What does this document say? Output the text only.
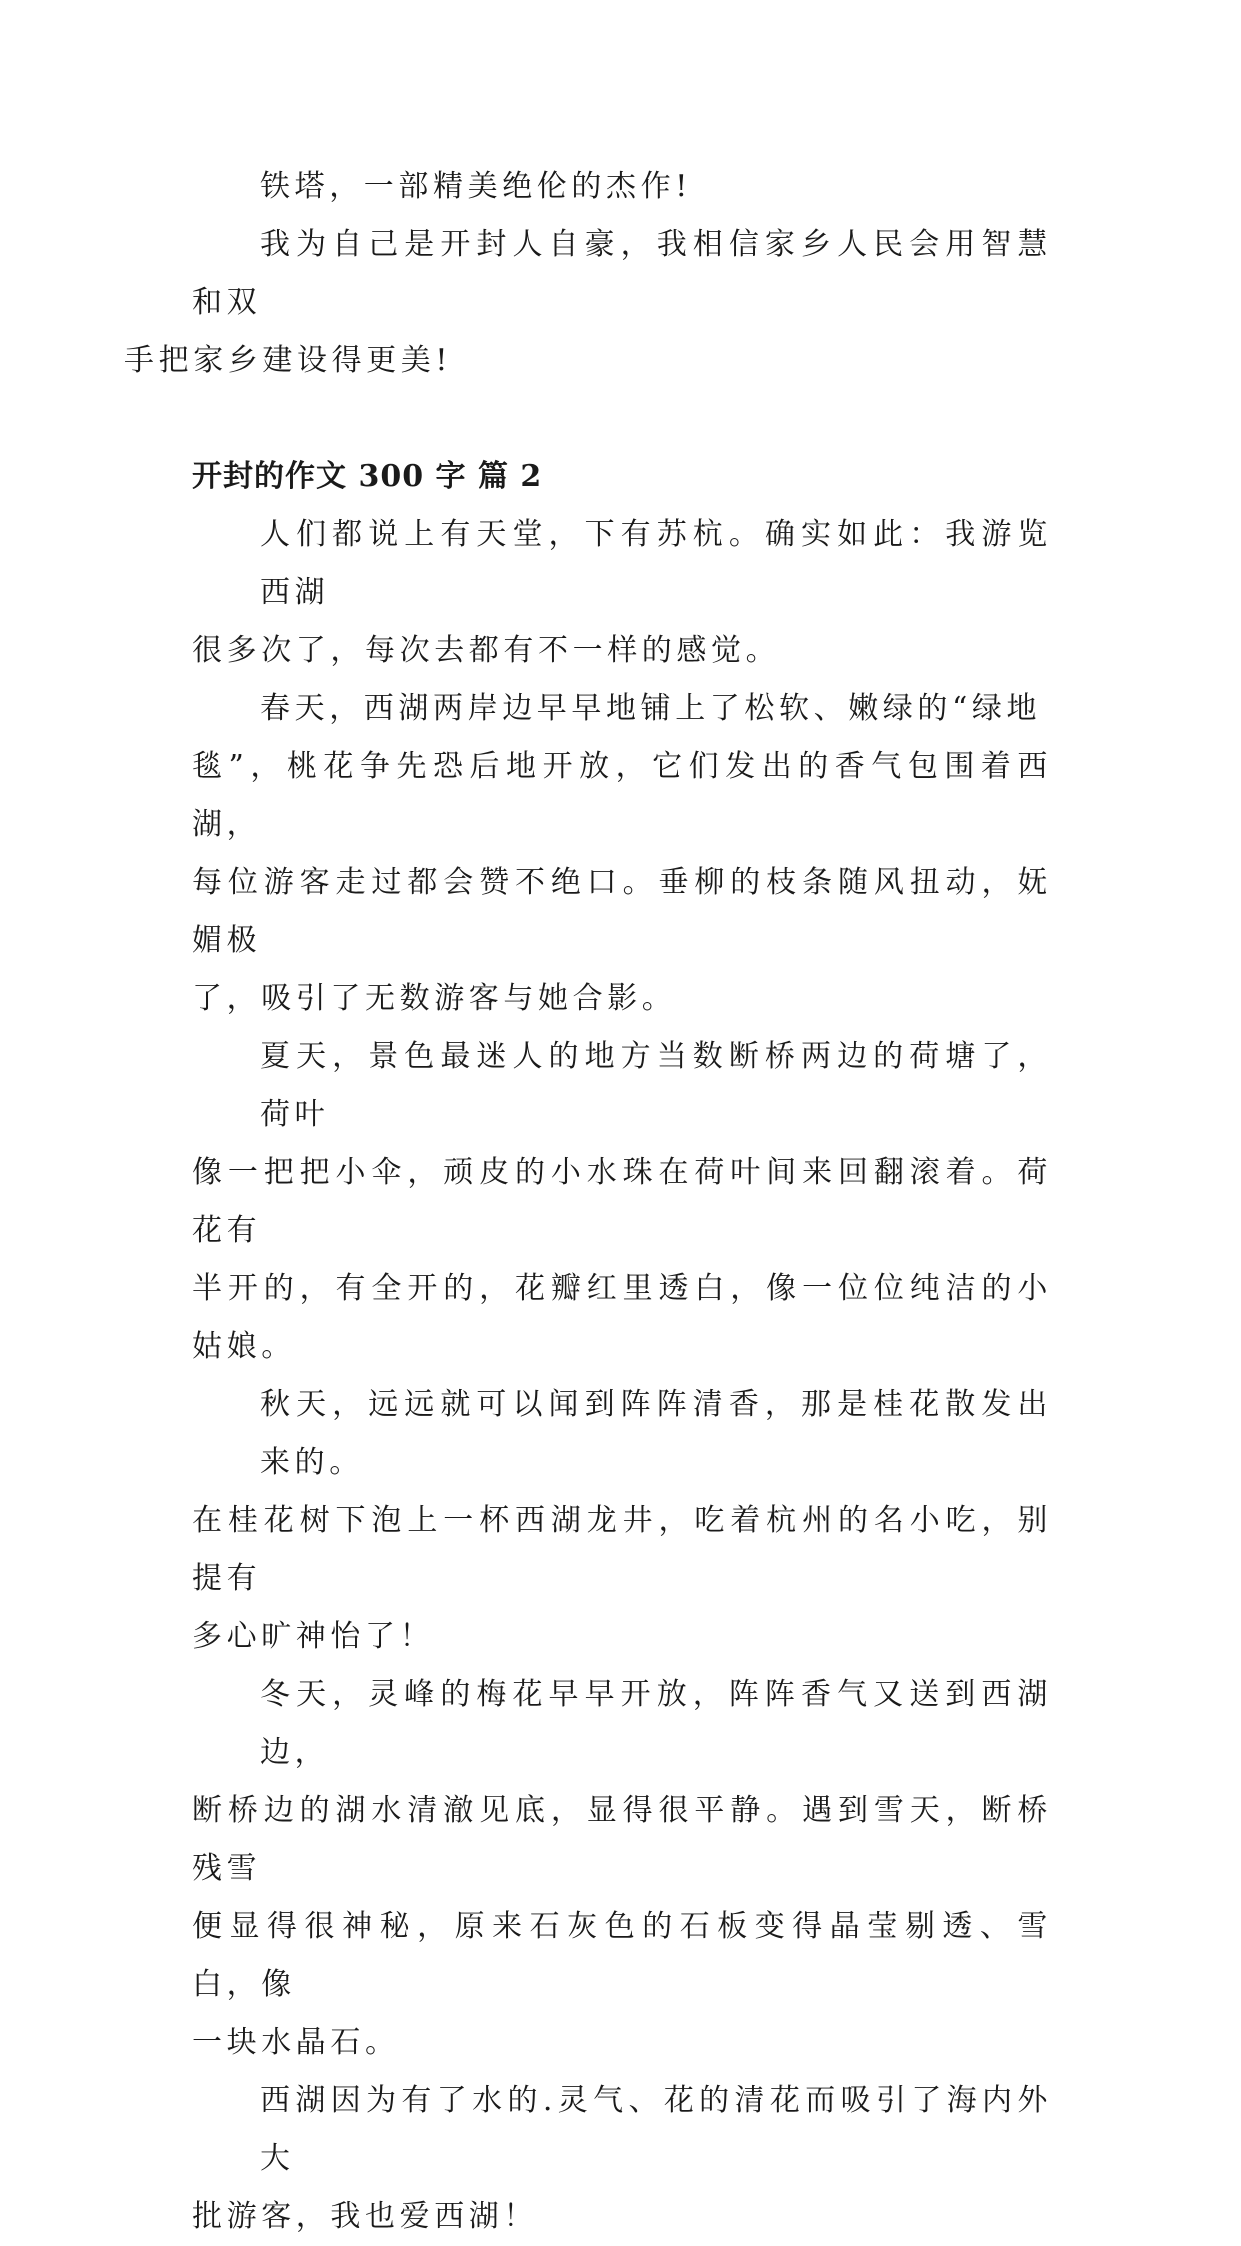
铁塔，一部精美绝伦的杰作!

我为自己是开封人自豪，我相信家乡人民会用智慧和双
手把家乡建设得更美!

开封的作文 300 字 篇 2

人们都说上有天堂，下有苏杭。确实如此：我游览西湖
很多次了，每次去都有不一样的感觉。

春天，西湖两岸边早早地铺上了松软、嫩绿的“绿地
毯”，桃花争先恐后地开放，它们发出的香气包围着西湖，
每位游客走过都会赞不绝口。垂柳的枝条随风扭动，妩媚极
了，吸引了无数游客与她合影。

夏天，景色最迷人的地方当数断桥两边的荷塘了，荷叶
像一把把小伞，顽皮的小水珠在荷叶间来回翻滚着。荷花有
半开的，有全开的，花瓣红里透白，像一位位纯洁的小姑娘。

秋天，远远就可以闻到阵阵清香，那是桂花散发出来的。
在桂花树下泡上一杯西湖龙井，吃着杭州的名小吃，别提有
多心旷神怡了！

冬天，灵峰的梅花早早开放，阵阵香气又送到西湖边，
断桥边的湖水清澈见底，显得很平静。遇到雪天，断桥残雪
便显得很神秘，原来石灰色的石板变得晶莹剔透、雪白，像
一块水晶石。

西湖因为有了水的.灵气、花的清花而吸引了海内外大
批游客，我也爱西湖！
